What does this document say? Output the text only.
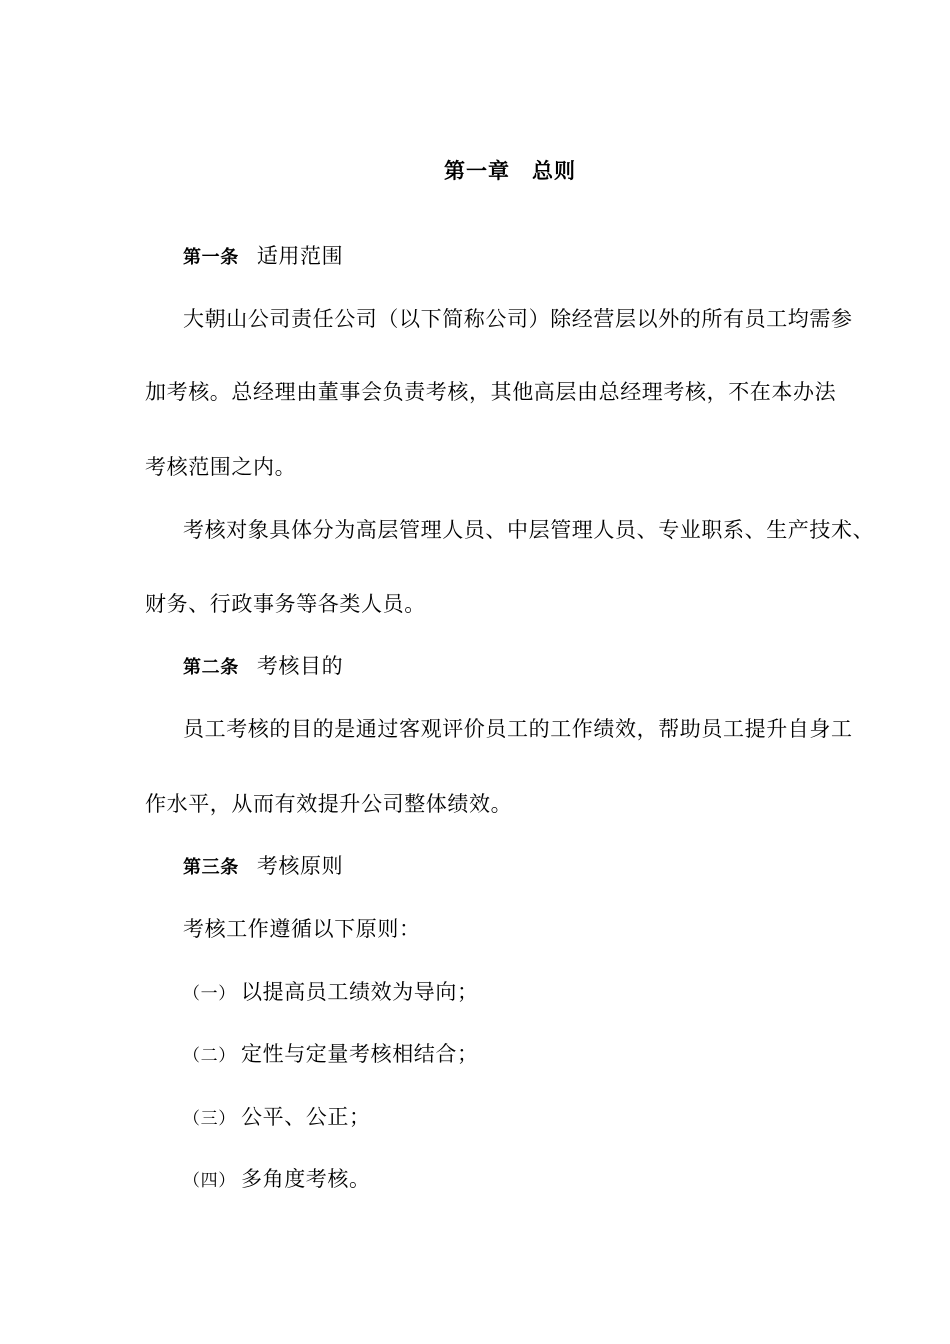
第一章　总则
第一条 适用范围
大朝山公司责任公司（以下简称公司）除经营层以外的所有员工均需参
加考核。总经理由董事会负责考核，其他高层由总经理考核，不在本办法
考核范围之内。
考核对象具体分为高层管理人员、中层管理人员、专业职系、生产技术、
财务、行政事务等各类人员。
第二条 考核目的
员工考核的目的是通过客观评价员工的工作绩效，帮助员工提升自身工
作水平，从而有效提升公司整体绩效。
第三条 考核原则
考核工作遵循以下原则：
（一） 以提高员工绩效为导向；
（二） 定性与定量考核相结合；
（三） 公平、公正；
（四） 多角度考核。
